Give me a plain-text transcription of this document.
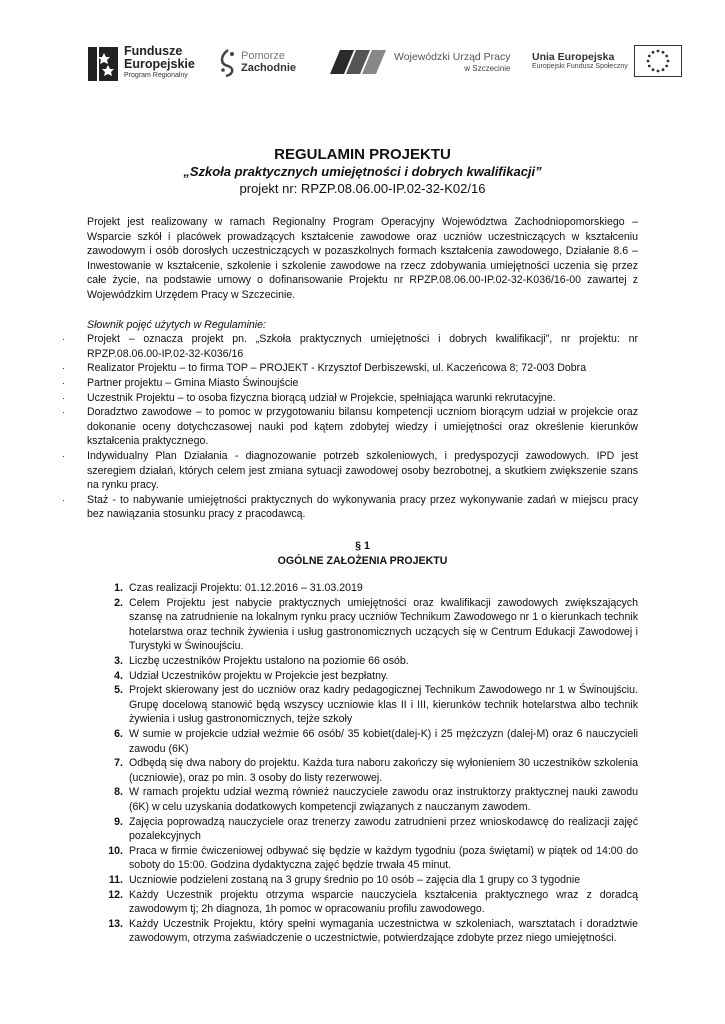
Fundusze
Europejskie
Program Regionalny
Pomorze
Zachodnie
Wojewódzki Urząd Pracy
w Szczecinie
Unia Europejska
Europejski Fundusz Społeczny

REGULAMIN PROJEKTU

„Szkoła praktycznych umiejętności i dobrych kwalifikacji”

projekt nr: RPZP.08.06.00-IP.02-32-K02/16

Projekt jest realizowany w ramach Regionalny Program Operacyjny Województwa Zachodniopomorskiego – Wsparcie szkół i placówek prowadzących kształcenie zawodowe oraz uczniów uczestniczących w kształceniu zawodowym i osób dorosłych uczestniczących w pozaszkolnych formach kształcenia zawodowego, Działanie 8.6 – Inwestowanie w kształcenie, szkolenie i szkolenie zawodowe na rzecz zdobywania umiejętności uczenia się przez całe życie, na podstawie umowy o dofinansowanie Projektu nr RPZP.08.06.00-IP.02-32-K036/16-00 zawartej z Wojewódzkim Urzędem Pracy w Szczecinie.

Słownik pojęć użytych w Regulaminie:

· Projekt – oznacza projekt pn. „Szkoła praktycznych umiejętności i dobrych kwalifikacji”, nr projektu: nr RPZP.08.06.00-IP.02-32-K036/16
· Realizator Projektu – to firma TOP – PROJEKT - Krzysztof Derbiszewski, ul. Kaczeńcowa 8; 72-003 Dobra
· Partner projektu – Gmina Miasto Świnoujście
· Uczestnik Projektu – to osoba fizyczna biorącą udział w Projekcie, spełniająca warunki rekrutacyjne.
· Doradztwo zawodowe – to pomoc w przygotowaniu bilansu kompetencji uczniom biorącym udział w projekcie oraz dokonanie oceny dotychczasowej nauki pod kątem zdobytej wiedzy i umiejętności oraz określenie kierunków kształcenia praktycznego.
· Indywidualny Plan Działania - diagnozowanie potrzeb szkoleniowych, i predyspozycji zawodowych. IPD jest szeregiem działań, których celem jest zmiana sytuacji zawodowej osoby bezrobotnej, a skutkiem zwiększenie szans na rynku pracy.
· Staż - to nabywanie umiejętności praktycznych do wykonywania pracy przez wykonywanie zadań w miejscu pracy bez nawiązania stosunku pracy z pracodawcą.

§ 1

OGÓLNE ZAŁOŻENIA PROJEKTU

1. Czas realizacji Projektu: 01.12.2016 – 31.03.2019
2. Celem Projektu jest nabycie praktycznych umiejętności oraz kwalifikacji zawodowych zwiększających szansę na zatrudnienie na lokalnym rynku pracy uczniów Technikum Zawodowego nr 1 o kierunkach technik hotelarstwa oraz technik żywienia i usług gastronomicznych uczących się w Centrum Edukacji Zawodowej i Turystyki w Świnoujściu.
3. Liczbę uczestników Projektu ustalono na poziomie 66 osób.
4. Udział Uczestników projektu w Projekcie jest bezpłatny.
5. Projekt skierowany jest do uczniów oraz kadry pedagogicznej Technikum Zawodowego nr 1 w Świnoujściu. Grupę docelową stanowić będą wszyscy uczniowie klas II i III, kierunków technik hotelarstwa albo technik żywienia i usług gastronomicznych, tejże szkoły
6. W sumie w projekcie udział weźmie 66 osób/ 35 kobiet(dalej-K) i 25 mężczyzn (dalej-M) oraz 6 nauczycieli zawodu (6K)
7. Odbędą się dwa nabory do projektu. Każda tura naboru zakończy się wyłonieniem 30 uczestników szkolenia (uczniowie), oraz po min. 3 osoby do listy rezerwowej.
8. W ramach projektu udział wezmą również nauczyciele zawodu oraz instruktorzy praktycznej nauki zawodu (6K) w celu uzyskania dodatkowych kompetencji związanych z nauczanym zawodem.
9. Zajęcia poprowadzą nauczyciele oraz trenerzy zawodu zatrudnieni przez wnioskodawcę do realizacji zajęć pozalekcyjnych
10. Praca w firmie ćwiczeniowej odbywać się będzie w każdym tygodniu (poza świętami) w piątek od 14:00 do soboty do 15:00. Godzina dydaktyczna zajęć będzie trwała 45 minut.
11. Uczniowie podzieleni zostaną na 3 grupy średnio po 10 osób – zajęcia dla 1 grupy co 3 tygodnie
12. Każdy Uczestnik projektu otrzyma wsparcie nauczyciela kształcenia praktycznego wraz z doradcą zawodowym tj; 2h diagnoza, 1h pomoc w opracowaniu profilu zawodowego.
13. Każdy Uczestnik Projektu, który spełni wymagania uczestnictwa w szkoleniach, warsztatach i doradztwie zawodowym, otrzyma zaświadczenie o uczestnictwie, potwierdzające zdobyte przez niego umiejętności.
